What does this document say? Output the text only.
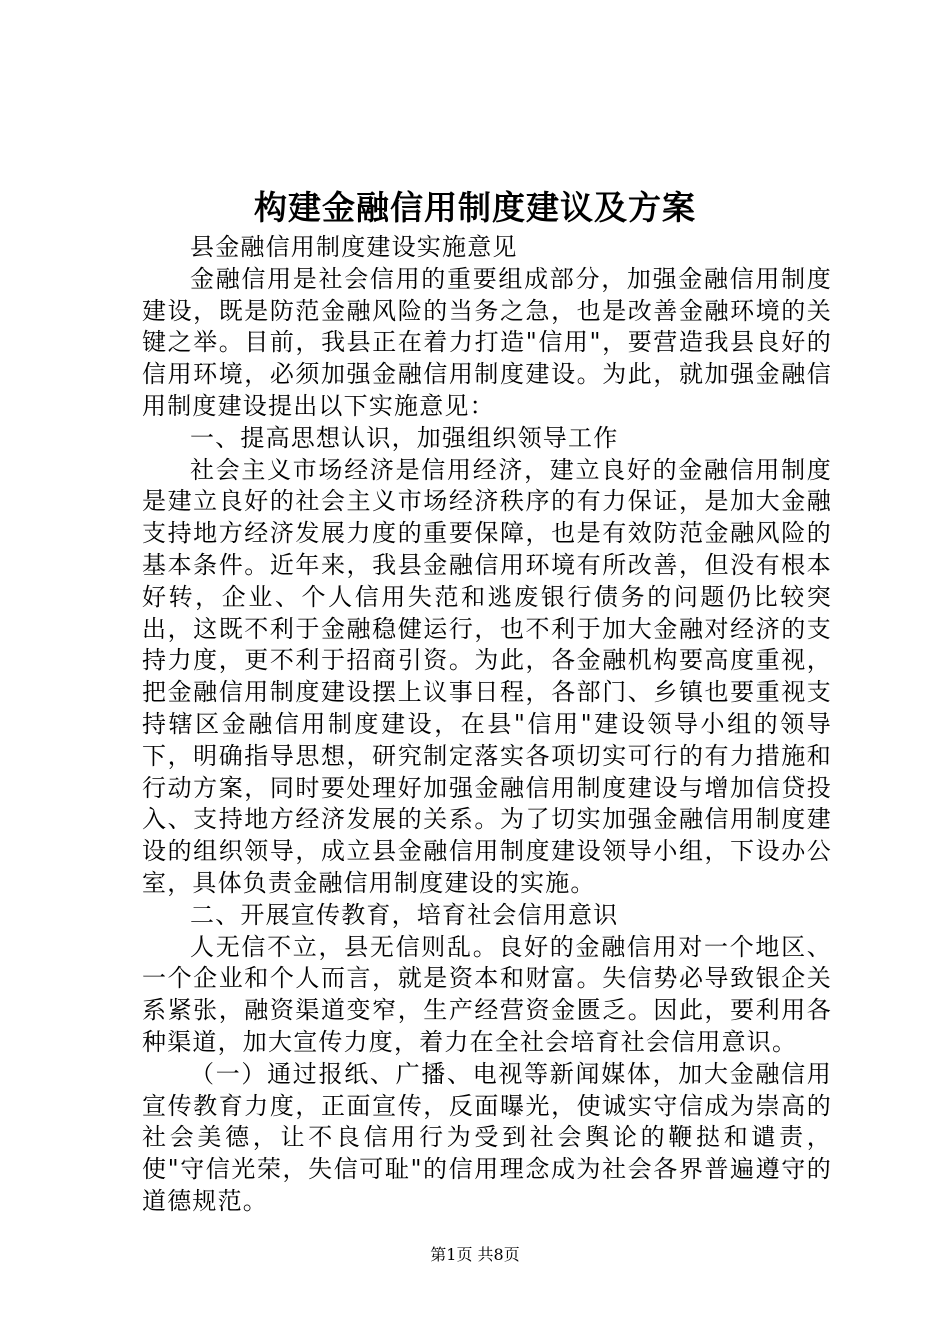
构建金融信用制度建议及方案

县金融信用制度建设实施意见

金融信用是社会信用的重要组成部分，加强金融信用制度建设，既是防范金融风险的当务之急，也是改善金融环境的关键之举。目前，我县正在着力打造"信用"，要营造我县良好的信用环境，必须加强金融信用制度建设。为此，就加强金融信用制度建设提出以下实施意见：

一、提高思想认识，加强组织领导工作

社会主义市场经济是信用经济，建立良好的金融信用制度是建立良好的社会主义市场经济秩序的有力保证，是加大金融支持地方经济发展力度的重要保障，也是有效防范金融风险的基本条件。近年来，我县金融信用环境有所改善，但没有根本好转，企业、个人信用失范和逃废银行债务的问题仍比较突出，这既不利于金融稳健运行，也不利于加大金融对经济的支持力度，更不利于招商引资。为此，各金融机构要高度重视，把金融信用制度建设摆上议事日程，各部门、乡镇也要重视支持辖区金融信用制度建设，在县"信用"建设领导小组的领导下，明确指导思想，研究制定落实各项切实可行的有力措施和行动方案，同时要处理好加强金融信用制度建设与增加信贷投入、支持地方经济发展的关系。为了切实加强金融信用制度建设的组织领导，成立县金融信用制度建设领导小组，下设办公室，具体负责金融信用制度建设的实施。

二、开展宣传教育，培育社会信用意识

人无信不立，县无信则乱。良好的金融信用对一个地区、一个企业和个人而言，就是资本和财富。失信势必导致银企关系紧张，融资渠道变窄，生产经营资金匮乏。因此，要利用各种渠道，加大宣传力度，着力在全社会培育社会信用意识。

（一）通过报纸、广播、电视等新闻媒体，加大金融信用宣传教育力度，正面宣传，反面曝光，使诚实守信成为崇高的社会美德，让不良信用行为受到社会舆论的鞭挞和谴责，使"守信光荣，失信可耻"的信用理念成为社会各界普遍遵守的道德规范。

第1页 共8页
